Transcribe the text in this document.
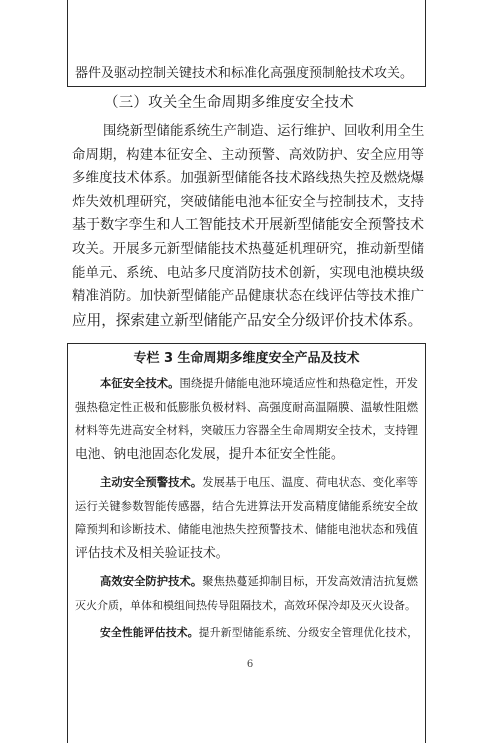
器件及驱动控制关键技术和标准化高强度预制舱技术攻关。
（三）攻关全生命周期多维度安全技术
围绕新型储能系统生产制造、运行维护、回收利用全生
命周期，构建本征安全、主动预警、高效防护、安全应用等
多维度技术体系。加强新型储能各技术路线热失控及燃烧爆
炸失效机理研究，突破储能电池本征安全与控制技术，支持
基于数字孪生和人工智能技术开展新型储能安全预警技术
攻关。开展多元新型储能技术热蔓延机理研究，推动新型储
能单元、系统、电站多尺度消防技术创新，实现电池模块级
精准消防。加快新型储能产品健康状态在线评估等技术推广
应用，探索建立新型储能产品安全分级评价技术体系。
专栏 3 生命周期多维度安全产品及技术
本征安全技术。围绕提升储能电池环境适应性和热稳定性，开发
强热稳定性正极和低膨胀负极材料、高强度耐高温隔膜、温敏性阻燃
材料等先进高安全材料，突破压力容器全生命周期安全技术，支持锂
电池、钠电池固态化发展，提升本征安全性能。
主动安全预警技术。发展基于电压、温度、荷电状态、变化率等
运行关键参数智能传感器，结合先进算法开发高精度储能系统安全故
障预判和诊断技术、储能电池热失控预警技术、储能电池状态和残值
评估技术及相关验证技术。
高效安全防护技术。聚焦热蔓延抑制目标，开发高效清洁抗复燃
灭火介质，单体和模组间热传导阻隔技术，高效环保冷却及灭火设备。
安全性能评估技术。提升新型储能系统、分级安全管理优化技术，
6
